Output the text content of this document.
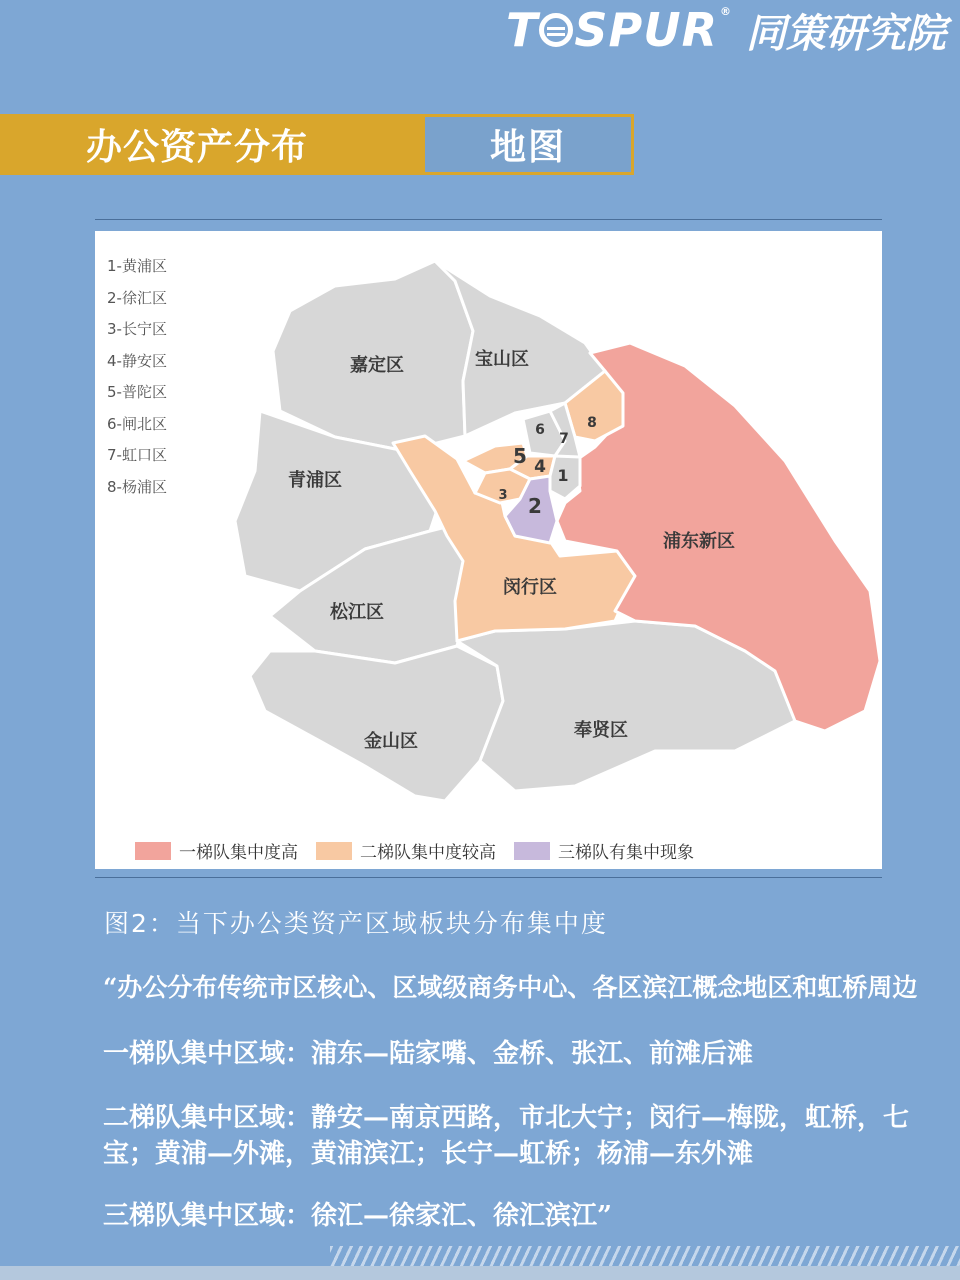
T SPUR ® 同策研究院
办公资产分布	地图
嘉定区	宝山区
青浦区
松江区
闵行区
浦东新区
金山区
奉贤区
1
2
3
4
5
6
7
8
1-黄浦区
2-徐汇区
3-长宁区
4-静安区
5-普陀区
6-闸北区
7-虹口区
8-杨浦区
一梯队集中度高	二梯队集中度较高	三梯队有集中现象
图2：当下办公类资产区域板块分布集中度
“办公分布传统市区核心、区域级商务中心、各区滨江概念地区和虹桥周边
一梯队集中区域：浦东—陆家嘴、金桥、张江、前滩后滩
二梯队集中区域：静安—南京西路，市北大宁；闵行—梅陇，虹桥，七宝；黄浦—外滩，黄浦滨江；长宁—虹桥；杨浦—东外滩
三梯队集中区域：徐汇—徐家汇、徐汇滨江”
